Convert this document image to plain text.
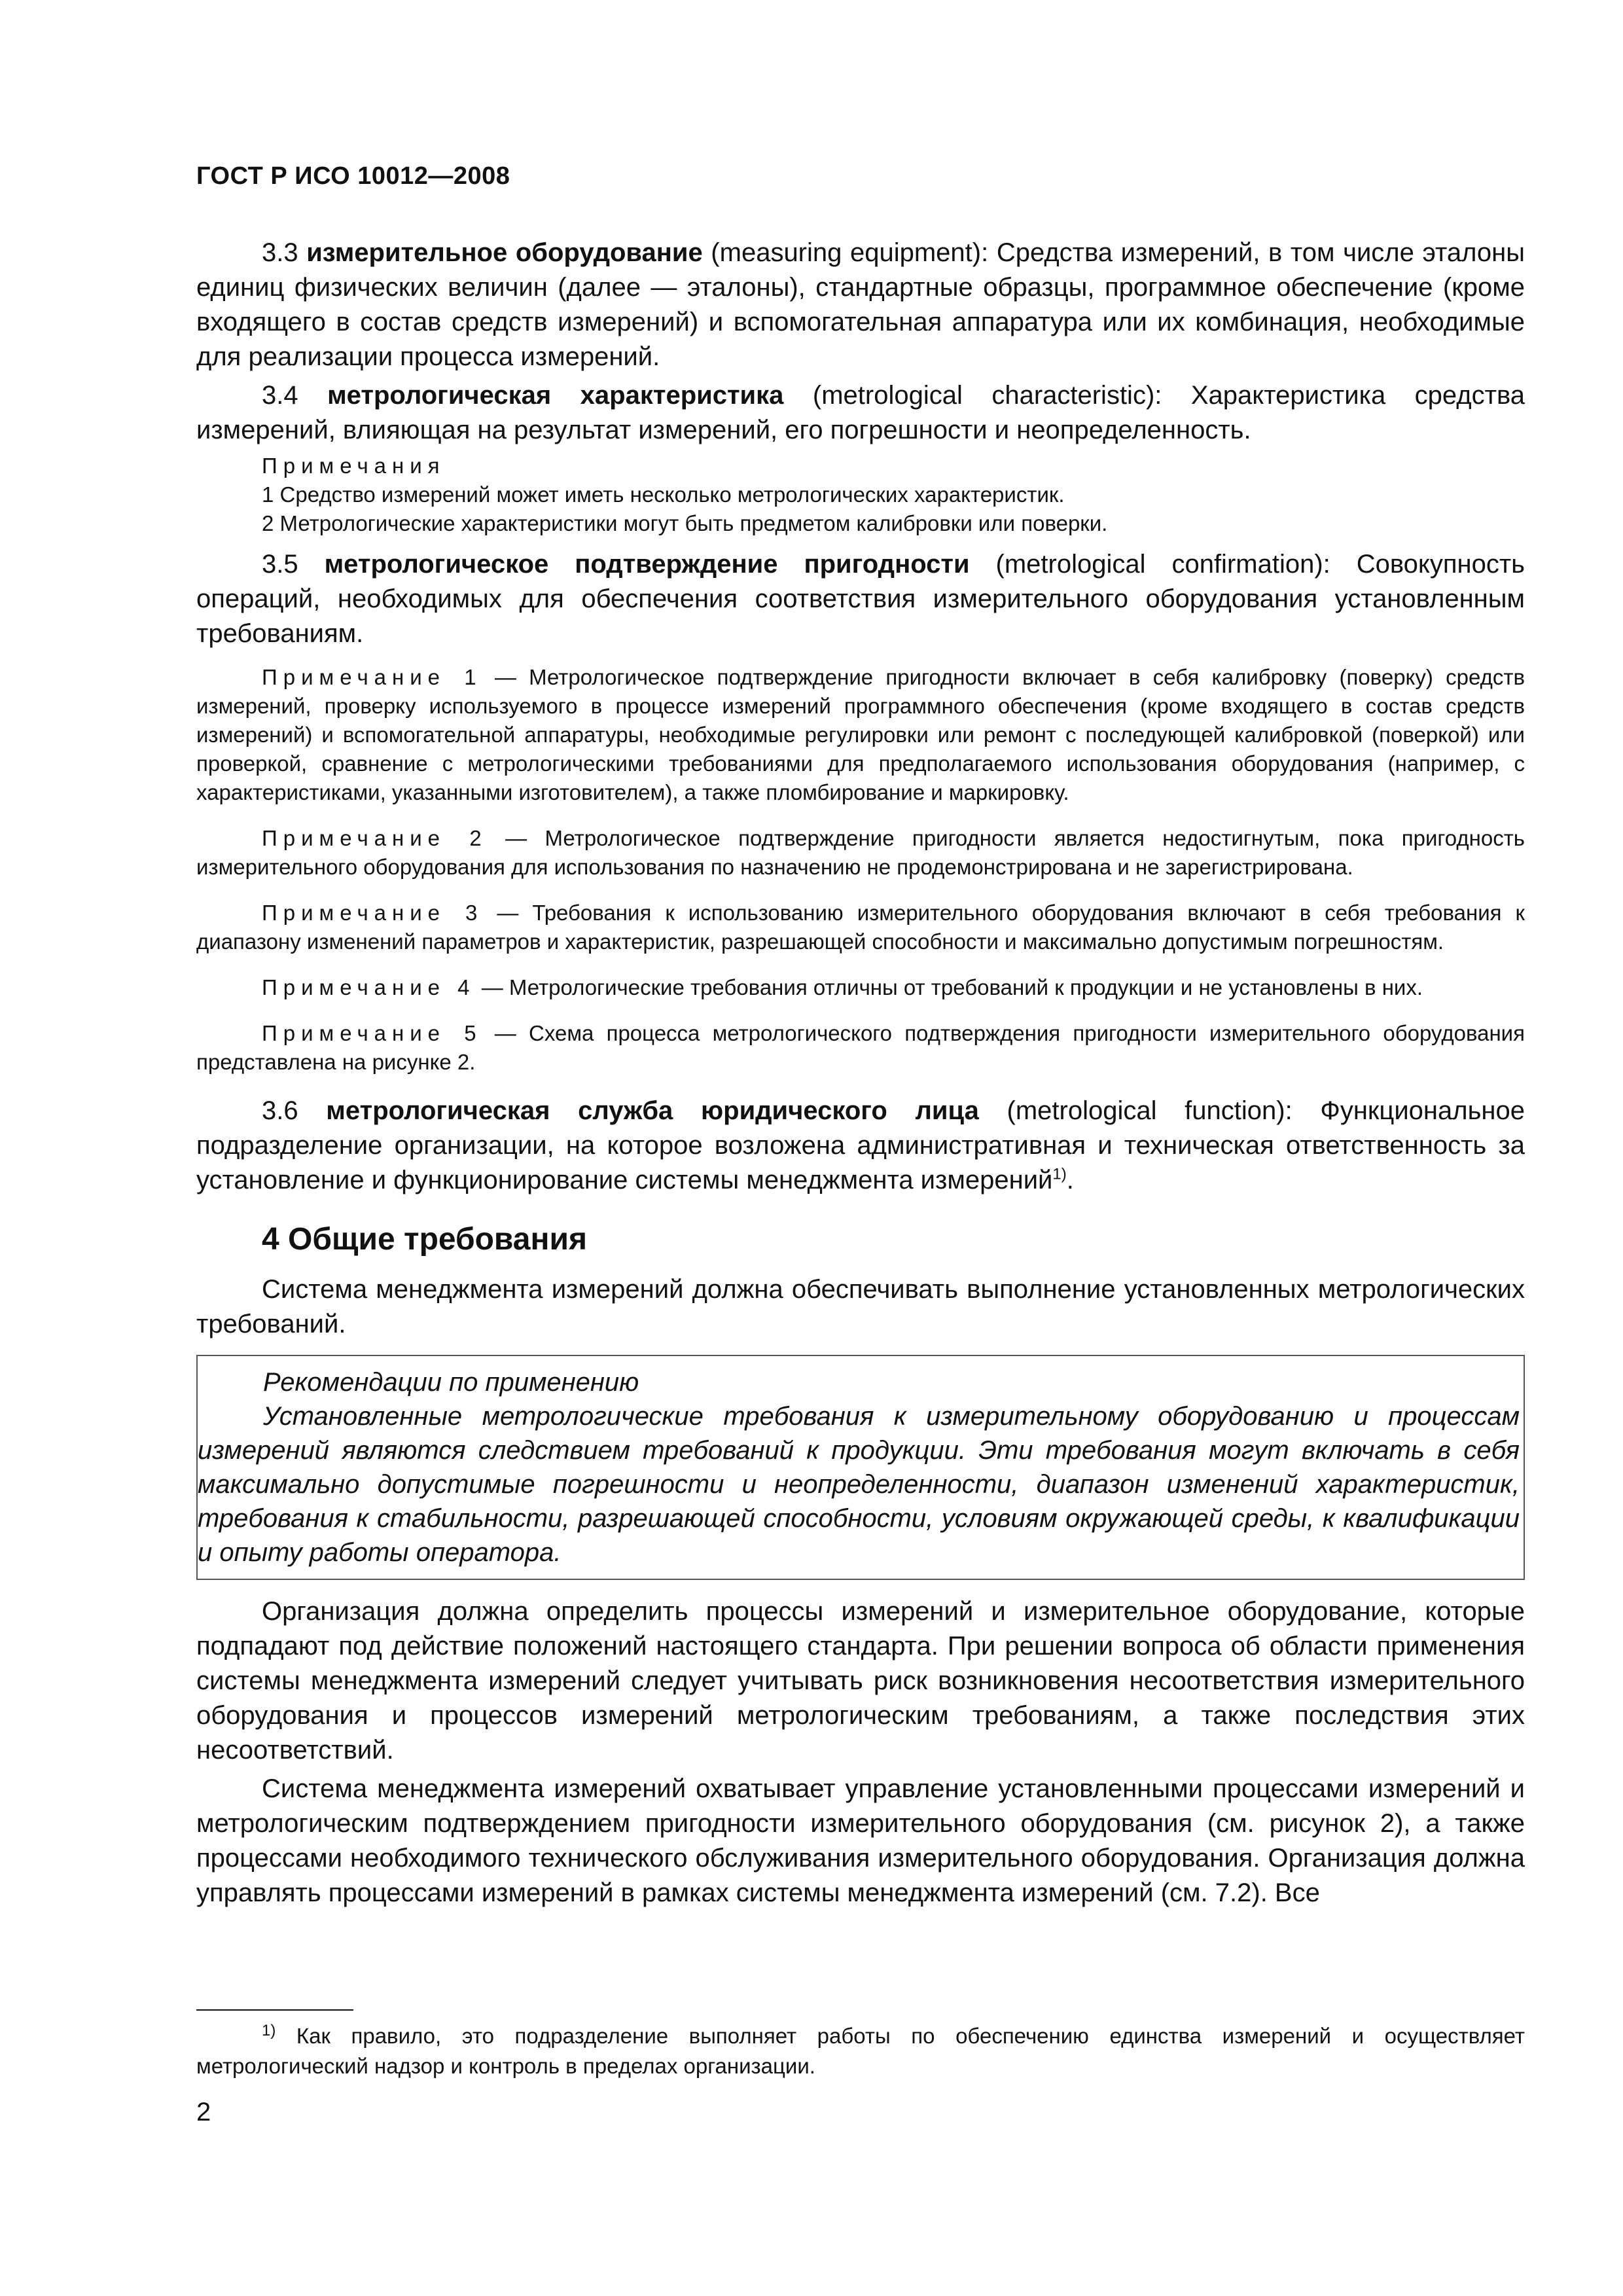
ГОСТ Р ИСО 10012—2008

3.3 измерительное оборудование (measuring equipment): Средства измерений, в том числе эталоны единиц физических величин (далее — эталоны), стандартные образцы, программное обеспечение (кроме входящего в состав средств измерений) и вспомогательная аппаратура или их комбинация, необходимые для реализации процесса измерений.

3.4 метрологическая характеристика (metrological characteristic): Характеристика средства измерений, влияющая на результат измерений, его погрешности и неопределенность.

Примечания
1 Средство измерений может иметь несколько метрологических характеристик.
2 Метрологические характеристики могут быть предметом калибровки или поверки.

3.5 метрологическое подтверждение пригодности (metrological confirmation): Совокупность операций, необходимых для обеспечения соответствия измерительного оборудования установленным требованиям.

Примечание 1 — Метрологическое подтверждение пригодности включает в себя калибровку (поверку) средств измерений, проверку используемого в процессе измерений программного обеспечения (кроме входящего в состав средств измерений) и вспомогательной аппаратуры, необходимые регулировки или ремонт с последующей калибровкой (поверкой) или проверкой, сравнение с метрологическими требованиями для предполагаемого использования оборудования (например, с характеристиками, указанными изготовителем), а также пломбирование и маркировку.

Примечание 2 — Метрологическое подтверждение пригодности является недостигнутым, пока пригодность измерительного оборудования для использования по назначению не продемонстрирована и не зарегистрирована.

Примечание 3 — Требования к использованию измерительного оборудования включают в себя требования к диапазону изменений параметров и характеристик, разрешающей способности и максимально допустимым погрешностям.

Примечание 4 — Метрологические требования отличны от требований к продукции и не установлены в них.

Примечание 5 — Схема процесса метрологического подтверждения пригодности измерительного оборудования представлена на рисунке 2.

3.6 метрологическая служба юридического лица (metrological function): Функциональное подразделение организации, на которое возложена административная и техническая ответственность за установление и функционирование системы менеджмента измерений$^{1)}$.

4 Общие требования

Система менеджмента измерений должна обеспечивать выполнение установленных метрологических требований.

Рекомендации по применению
Установленные метрологические требования к измерительному оборудованию и процессам измерений являются следствием требований к продукции. Эти требования могут включать в себя максимально допустимые погрешности и неопределенности, диапазон изменений характеристик, требования к стабильности, разрешающей способности, условиям окружающей среды, к квалификации и опыту работы оператора.

Организация должна определить процессы измерений и измерительное оборудование, которые подпадают под действие положений настоящего стандарта. При решении вопроса об области применения системы менеджмента измерений следует учитывать риск возникновения несоответствия измерительного оборудования и процессов измерений метрологическим требованиям, а также последствия этих несоответствий.

Система менеджмента измерений охватывает управление установленными процессами измерений и метрологическим подтверждением пригодности измерительного оборудования (см. рисунок 2), а также процессами необходимого технического обслуживания измерительного оборудования. Организация должна управлять процессами измерений в рамках системы менеджмента измерений (см. 7.2). Все

$^{1)}$ Как правило, это подразделение выполняет работы по обеспечению единства измерений и осуществляет метрологический надзор и контроль в пределах организации.

2
